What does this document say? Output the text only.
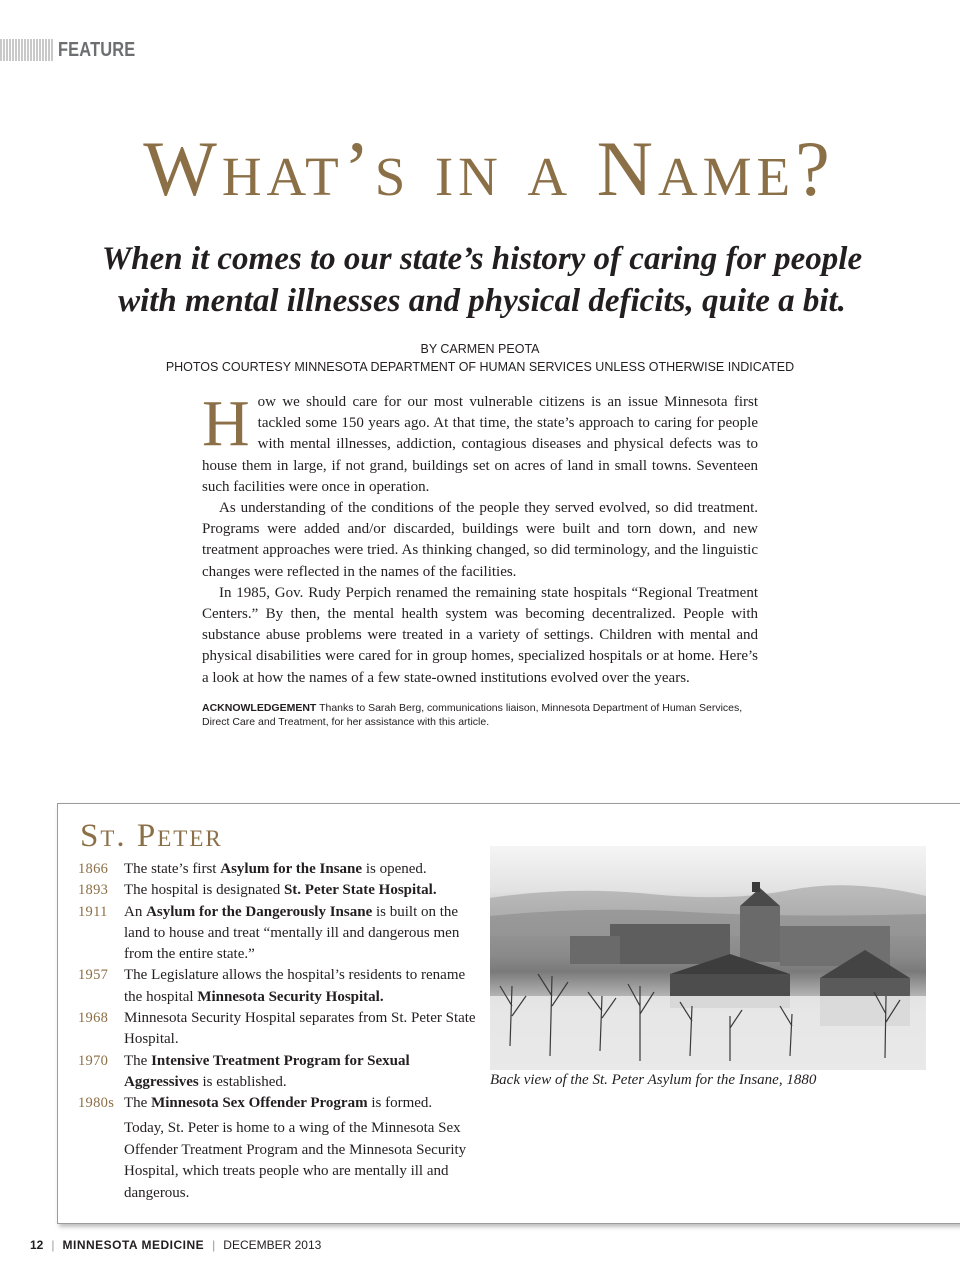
FEATURE
What’s in a Name?
When it comes to our state’s history of caring for people
with mental illnesses and physical deficits, quite a bit.
BY CARMEN PEOTA
PHOTOS COURTESY MINNESOTA DEPARTMENT OF HUMAN SERVICES UNLESS OTHERWISE INDICATED

How we should care for our most vulnerable citizens is an issue Minnesota first tackled some 150 years ago. At that time, the state’s approach to caring for people with mental illnesses, addiction, contagious diseases and physical defects was to house them in large, if not grand, buildings set on acres of land in small towns. Seventeen such facilities were once in operation.

As understanding of the conditions of the people they served evolved, so did treatment. Programs were added and/or discarded, buildings were built and torn down, and new treatment approaches were tried. As thinking changed, so did terminology, and the linguistic changes were reflected in the names of the facilities.

In 1985, Gov. Rudy Perpich renamed the remaining state hospitals “Regional Treatment Centers.” By then, the mental health system was becoming decentralized. People with substance abuse problems were treated in a variety of settings. Children with mental and physical disabilities were cared for in group homes, specialized hospitals or at home. Here’s a look at how the names of a few state-owned institutions evolved over the years.

ACKNOWLEDGEMENT Thanks to Sarah Berg, communications liaison, Minnesota Department of Human Services, Direct Care and Treatment, for her assistance with this article.
St. Peter
1866	The state’s first Asylum for the Insane is opened.
1893	The hospital is designated St. Peter State Hospital.
1911	An Asylum for the Dangerously Insane is built on the land to house and treat “mentally ill and dangerous men from the entire state.”
1957	The Legislature allows the hospital’s residents to rename the hospital Minnesota Security Hospital.
1968	Minnesota Security Hospital separates from St. Peter State Hospital.
1970	The Intensive Treatment Program for Sexual Aggressives is established.
1980s The Minnesota Sex Offender Program is formed.
Today, St. Peter is home to a wing of the Minnesota Sex Offender Treatment Program and the Minnesota Security Hospital, which treats people who are mentally ill and dangerous.
Back view of the St. Peter Asylum for the Insane, 1880
12 | MINNESOTA MEDICINE | DECEMBER 2013
